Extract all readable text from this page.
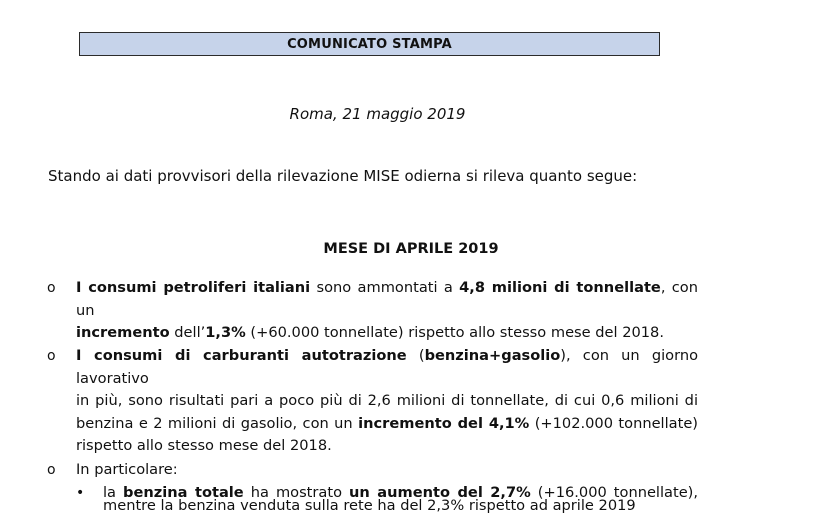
COMUNICATO STAMPA
Roma, 21 maggio 2019
Stando ai dati provvisori della rilevazione MISE odierna si rileva quanto segue:
MESE DI APRILE 2019
o I consumi petroliferi italiani sono ammontati a 4,8 milioni di tonnellate, con un
incremento dell’1,3% (+60.000 tonnellate) rispetto allo stesso mese del 2018.
o I consumi di carburanti autotrazione (benzina+gasolio), con un giorno lavorativo
in più, sono risultati pari a poco più di 2,6 milioni di tonnellate, di cui 0,6 milioni di
benzina e 2 milioni di gasolio, con un incremento del 4,1% (+102.000 tonnellate)
rispetto allo stesso mese del 2018.
o In particolare:
• la benzina totale ha mostrato un aumento del 2,7% (+16.000 tonnellate),
mentre la benzina venduta sulla rete ha del 2,3% rispetto ad aprile 2019
